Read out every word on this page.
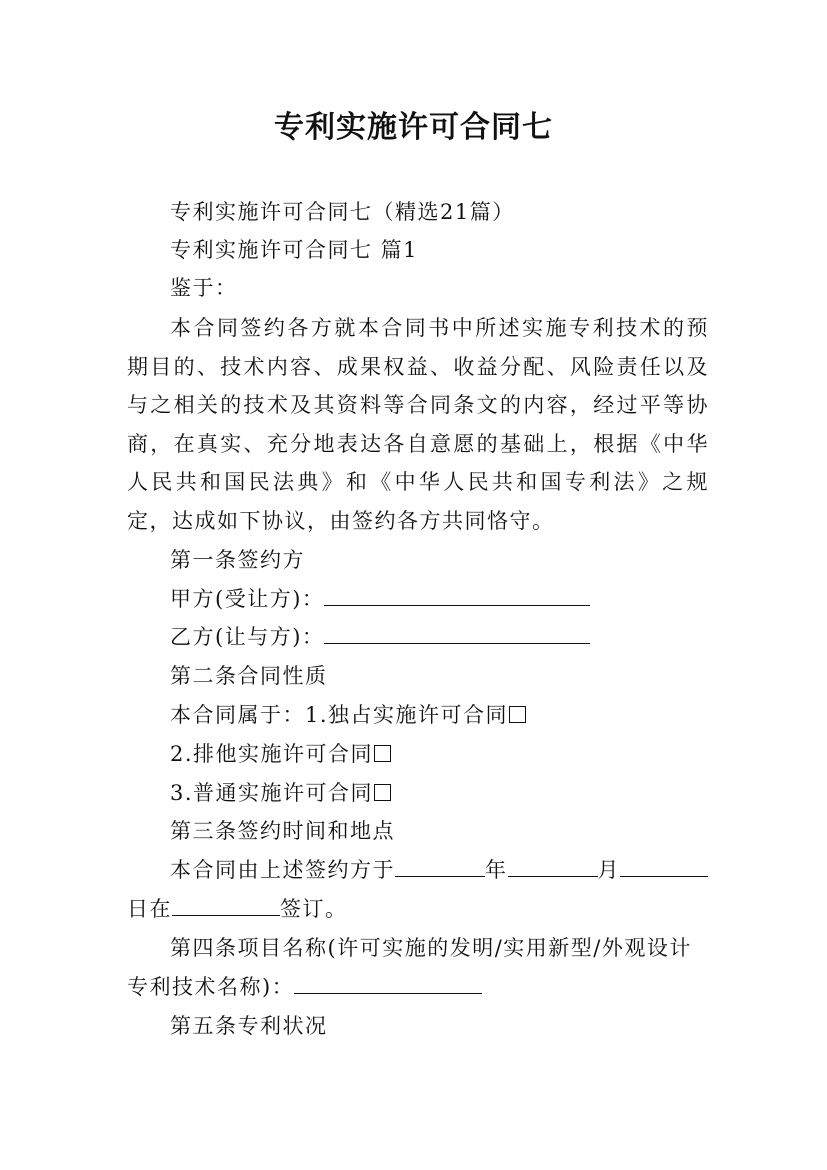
专利实施许可合同七
专利实施许可合同七（精选21篇）
专利实施许可合同七 篇1
鉴于：
本合同签约各方就本合同书中所述实施专利技术的预期目的、技术内容、成果权益、收益分配、风险责任以及与之相关的技术及其资料等合同条文的内容，经过平等协商，在真实、充分地表达各自意愿的基础上，根据《中华人民共和国民法典》和《中华人民共和国专利法》之规定，达成如下协议，由签约各方共同恪守。
第一条签约方
甲方(受让方)：
乙方(让与方)：
第二条合同性质
本合同属于：1.独占实施许可合同
2.排他实施许可合同
3.普通实施许可合同
第三条签约时间和地点
本合同由上述签约方于	年	月
日在	签订。
第四条项目名称(许可实施的发明/实用新型/外观设计
专利技术名称)：
第五条专利状况
